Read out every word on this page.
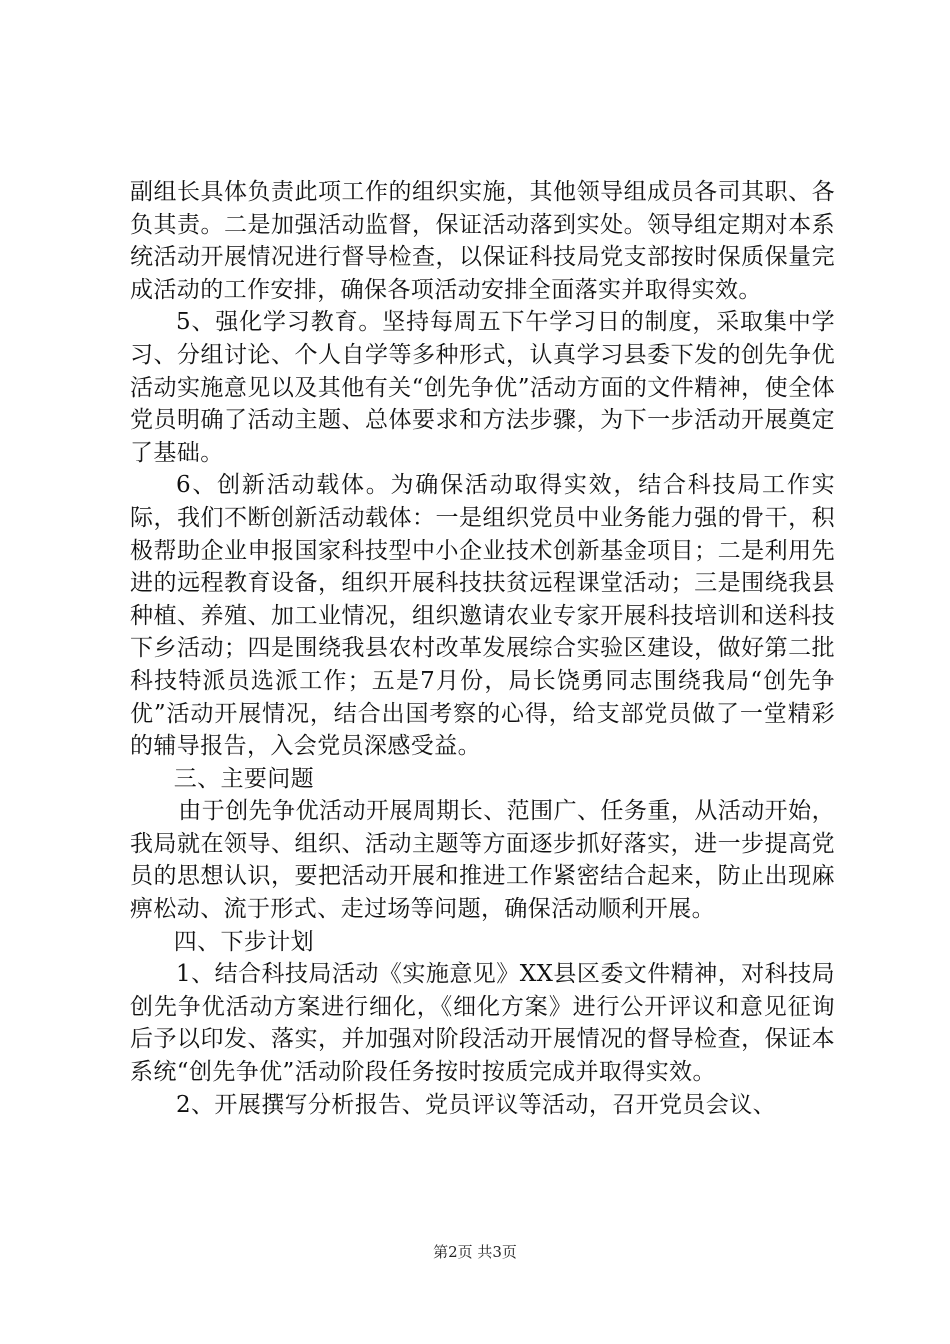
副组长具体负责此项工作的组织实施，其他领导组成员各司其职、各负其责。二是加强活动监督，保证活动落到实处。领导组定期对本系统活动开展情况进行督导检查，以保证科技局党支部按时保质保量完成活动的工作安排，确保各项活动安排全面落实并取得实效。

5、强化学习教育。坚持每周五下午学习日的制度，采取集中学习、分组讨论、个人自学等多种形式，认真学习县委下发的创先争优活动实施意见以及其他有关“创先争优”活动方面的文件精神，使全体党员明确了活动主题、总体要求和方法步骤，为下一步活动开展奠定了基础。

6、创新活动载体。为确保活动取得实效，结合科技局工作实际，我们不断创新活动载体：一是组织党员中业务能力强的骨干，积极帮助企业申报国家科技型中小企业技术创新基金项目；二是利用先进的远程教育设备，组织开展科技扶贫远程课堂活动；三是围绕我县种植、养殖、加工业情况，组织邀请农业专家开展科技培训和送科技下乡活动；四是围绕我县农村改革发展综合实验区建设，做好第二批科技特派员选派工作；五是7月份，局长饶勇同志围绕我局“创先争优”活动开展情况，结合出国考察的心得，给支部党员做了一堂精彩的辅导报告，入会党员深感受益。

三、主要问题

由于创先争优活动开展周期长、范围广、任务重，从活动开始，我局就在领导、组织、活动主题等方面逐步抓好落实，进一步提高党员的思想认识，要把活动开展和推进工作紧密结合起来，防止出现麻痹松动、流于形式、走过场等问题，确保活动顺利开展。

四、下步计划

1、结合科技局活动《实施意见》XX县区委文件精神，对科技局创先争优活动方案进行细化，《细化方案》进行公开评议和意见征询后予以印发、落实，并加强对阶段活动开展情况的督导检查，保证本系统“创先争优”活动阶段任务按时按质完成并取得实效。

2、开展撰写分析报告、党员评议等活动，召开党员会议、

第2页 共3页
